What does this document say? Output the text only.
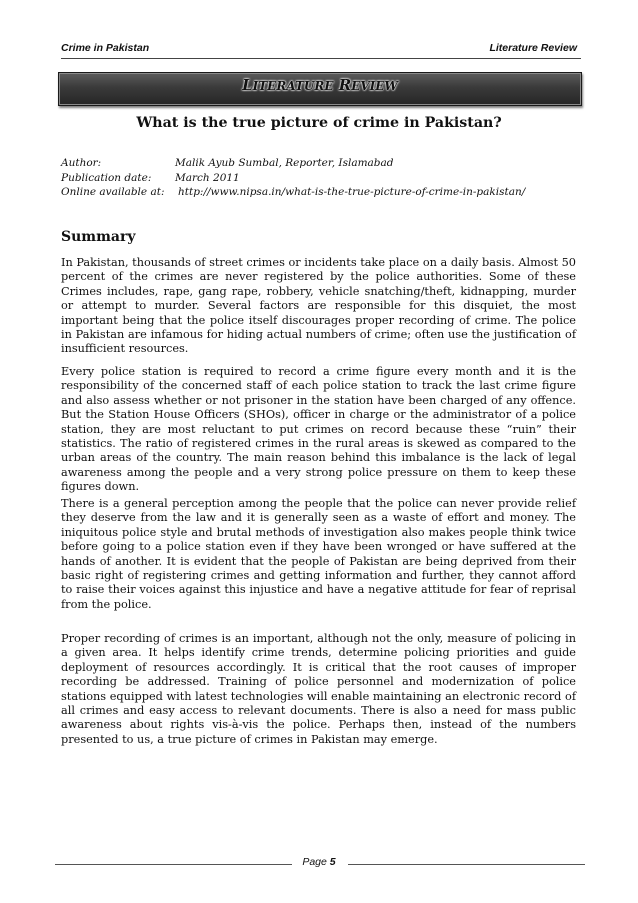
Crime in Pakistan	Literature Review
LITERATURE REVIEW
What is the true picture of crime in Pakistan?
Author:	Malik Ayub Sumbal, Reporter, Islamabad
Publication date: March 2011
Online available at: http://www.nipsa.in/what-is-the-true-picture-of-crime-in-pakistan/
Summary
In Pakistan, thousands of street crimes or incidents take place on a daily basis. Almost 50 percent of the crimes are never registered by the police authorities. Some of these Crimes includes, rape, gang rape, robbery, vehicle snatching/theft, kidnapping, murder or attempt to murder. Several factors are responsible for this disquiet, the most important being that the police itself discourages proper recording of crime. The police in Pakistan are infamous for hiding actual numbers of crime; often use the justification of insufficient resources.
Every police station is required to record a crime figure every month and it is the responsibility of the concerned staff of each police station to track the last crime figure and also assess whether or not prisoner in the station have been charged of any offence. But the Station House Officers (SHOs), officer in charge or the administrator of a police station, they are most reluctant to put crimes on record because these “ruin” their statistics. The ratio of registered crimes in the rural areas is skewed as compared to the urban areas of the country. The main reason behind this imbalance is the lack of legal awareness among the people and a very strong police pressure on them to keep these figures down.
There is a general perception among the people that the police can never provide relief they deserve from the law and it is generally seen as a waste of effort and money. The iniquitous police style and brutal methods of investigation also makes people think twice before going to a police station even if they have been wronged or have suffered at the hands of another. It is evident that the people of Pakistan are being deprived from their basic right of registering crimes and getting information and further, they cannot afford to raise their voices against this injustice and have a negative attitude for fear of reprisal from the police.
Proper recording of crimes is an important, although not the only, measure of policing in a given area. It helps identify crime trends, determine policing priorities and guide deployment of resources accordingly. It is critical that the root causes of improper recording be addressed. Training of police personnel and modernization of police stations equipped with latest technologies will enable maintaining an electronic record of all crimes and easy access to relevant documents. There is also a need for mass public awareness about rights vis-à-vis the police. Perhaps then, instead of the numbers presented to us, a true picture of crimes in Pakistan may emerge.
Page 5
